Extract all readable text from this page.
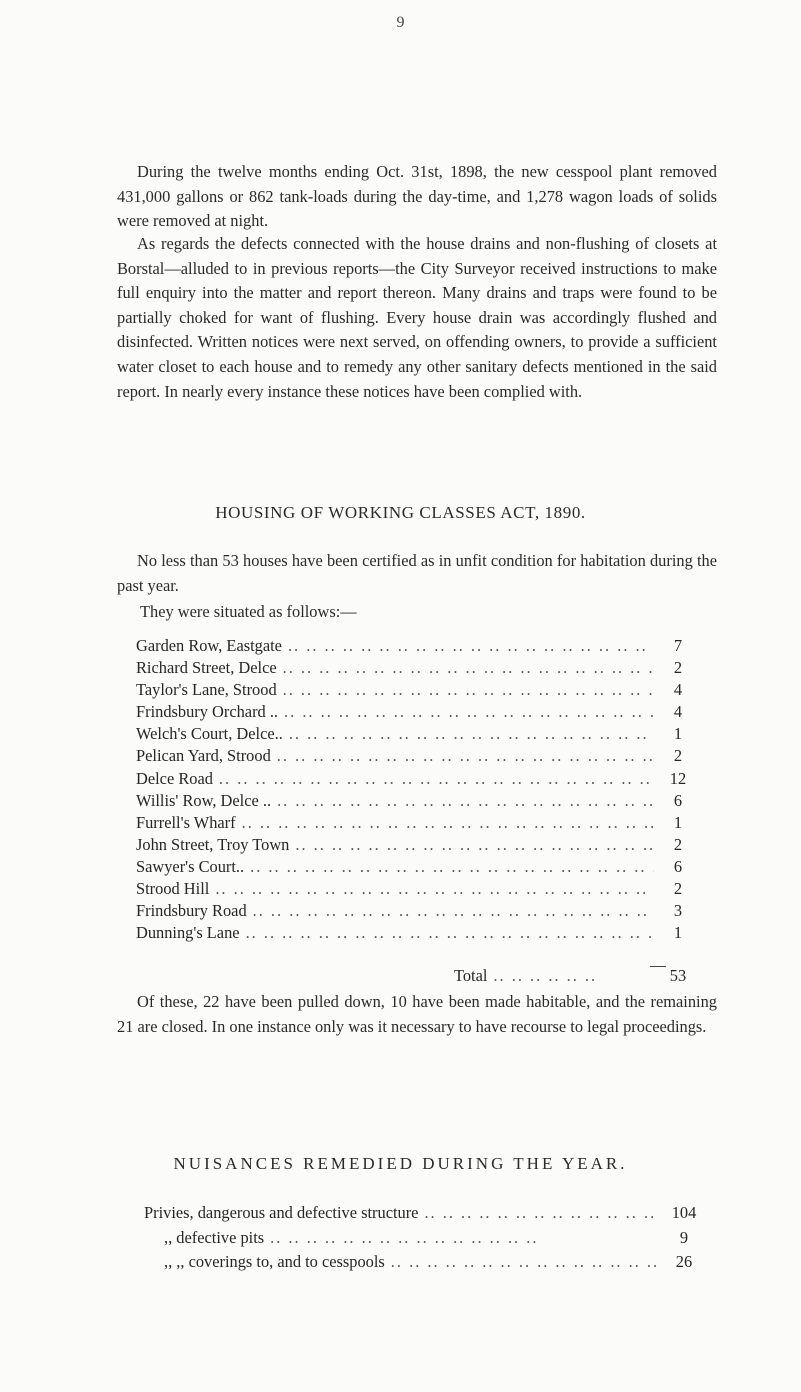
9

During the twelve months ending Oct. 31st, 1898, the new cesspool plant removed 431,000 gallons or 862 tank-loads during the day-time, and 1,278 wagon loads of solids were removed at night.

As regards the defects connected with the house drains and non-flushing of closets at Borstal—alluded to in previous reports—the City Surveyor received instructions to make full enquiry into the matter and report thereon. Many drains and traps were found to be partially choked for want of flushing. Every house drain was accordingly flushed and disinfected. Written notices were next served, on offending owners, to provide a sufficient water closet to each house and to remedy any other sanitary defects mentioned in the said report. In nearly every instance these notices have been complied with.

HOUSING OF WORKING CLASSES ACT, 1890.

No less than 53 houses have been certified as in unfit condition for habitation during the past year.

They were situated as follows:—

Garden Row, Eastgate .. ..	7
Richard Street, Delce .. ..	2
Taylor's Lane, Strood .. ..	4
Frindsbury Orchard .. .. ..	4
Welch's Court, Delce.. .. ..	1
Pelican Yard, Strood .. ..	2
Delce Road .. ..	12
Willis' Row, Delce .. .. ..	6
Furrell's Wharf .. ..	1
John Street, Troy Town .. ..	2
Sawyer's Court.. .. ..	6
Strood Hill .. ..	2
Frindsbury Road .. ..	3
Dunning's Lane .. ..	1
Total .. ..	53

Of these, 22 have been pulled down, 10 have been made habitable, and the remaining 21 are closed. In one instance only was it necessary to have recourse to legal proceedings.

NUISANCES REMEDIED DURING THE YEAR.
Privies, dangerous and defective structure .. ..	104
,, defective pits .. ..	9
,, ,, coverings to, and to cesspools .. ..	26
